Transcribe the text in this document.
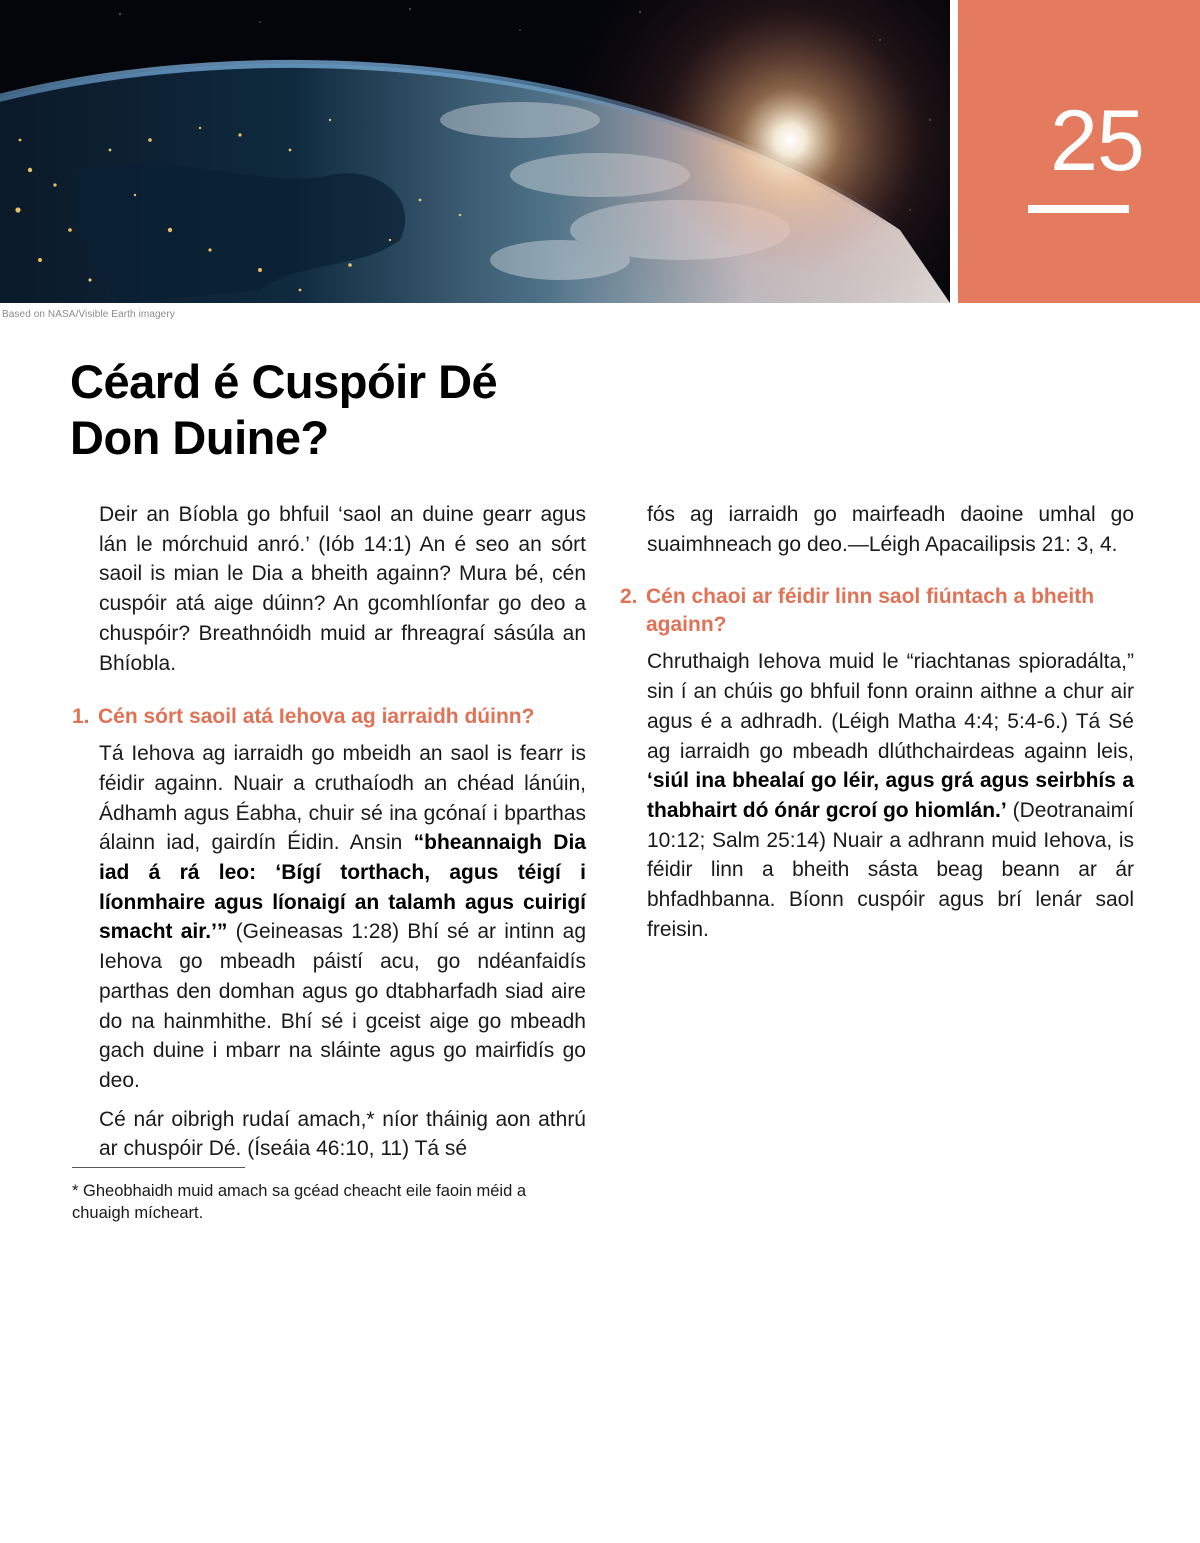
25
Based on NASA/Visible Earth imagery
Céard é Cuspóir Dé
Don Duine?

Deir an Bíobla go bhfuil ‘saol an duine gearr agus lán le mórchuid anró.’ (Iób 14:1) An é seo an sórt saoil is mian le Dia a bheith againn? Mura bé, cén cuspóir atá aige dúinn? An gcomhlíonfar go deo a chuspóir? Breathnóidh muid ar fhreagraí sásúla an Bhíobla.

1. Cén sórt saoil atá Iehova ag iarraidh dúinn?

Tá Iehova ag iarraidh go mbeidh an saol is fearr is féidir againn. Nuair a cruthaíodh an chéad lánúin, Ádhamh agus Éabha, chuir sé ina gcónaí i bparthas álainn iad, gairdín Éidin. Ansin “bheannaigh Dia iad á rá leo: ‘Bígí torthach, agus téigí i líonmhaire agus líonaigí an talamh agus cuirigí smacht air.’” (Geineasas 1:28) Bhí sé ar intinn ag Iehova go mbeadh páistí acu, go ndéanfaidís parthas den domhan agus go dtabharfadh siad aire do na hainmhithe. Bhí sé i gceist aige go mbeadh gach duine i mbarr na sláinte agus go mairfidís go deo.

Cé nár oibrigh rudaí amach,* níor tháinig aon athrú ar chuspóir Dé. (Íseáia 46:10, 11) Tá sé

fós ag iarraidh go mairfeadh daoine umhal go suaimhneach go deo.—Léigh Apacailipsis 21: 3, 4.

2. Cén chaoi ar féidir linn saol fiúntach a bheith againn?

Chruthaigh Iehova muid le “riachtanas spioradálta,” sin í an chúis go bhfuil fonn orainn aithne a chur air agus é a adhradh. (Léigh Matha 4:4; 5:4-6.) Tá Sé ag iarraidh go mbeadh dlúthchairdeas againn leis, ‘siúl ina bhealaí go léir, agus grá agus seirbhís a thabhairt dó ónár gcroí go hiomlán.’ (Deotranaimí 10:12; Salm 25:14) Nuair a adhrann muid Iehova, is féidir linn a bheith sásta beag beann ar ár bhfadhbanna. Bíonn cuspóir agus brí lenár saol freisin.

* Gheobhaidh muid amach sa gcéad cheacht eile faoin méid a chuaigh mícheart.
